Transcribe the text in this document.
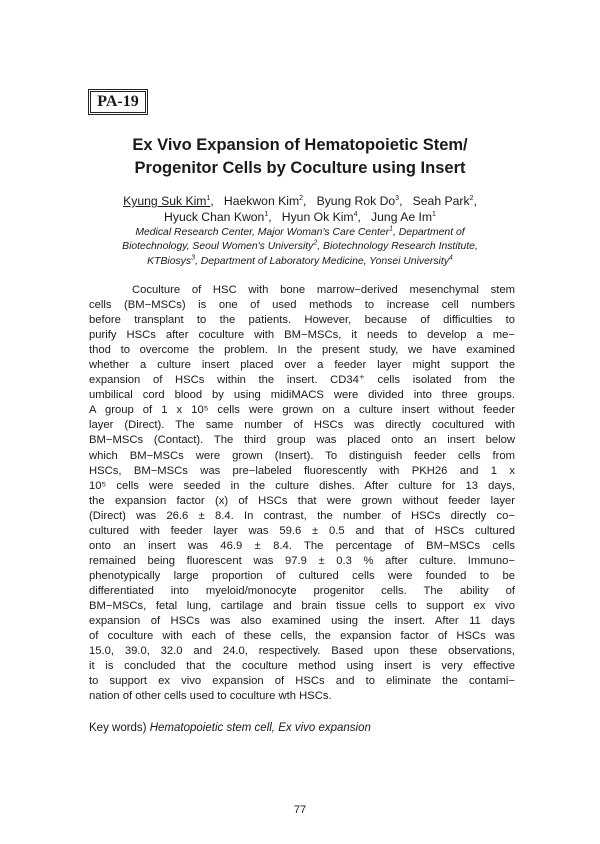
PA-19
Ex Vivo Expansion of Hematopoietic Stem/
Progenitor Cells by Coculture using Insert
Kyung Suk Kim$^1$,   Haekwon Kim$^2$,   Byung Rok Do$^3$,   Seah Park$^2$,
Hyuck Chan Kwon$^1$,   Hyun Ok Kim$^4$,   Jung Ae Im$^1$
Medical Research Center, Major Woman's Care Center$^1$, Department of
Biotechnology, Seoul Women's University$^2$, Biotechnology Research Institute,
KTBiosys$^3$, Department of Laboratory Medicine, Yonsei University$^4$
Coculture of HSC with bone marrow−derived mesenchymal stem
cells (BM−MSCs) is one of used methods to increase cell numbers
before transplant to the patients. However, because of difficulties to
purify HSCs after coculture with BM−MSCs, it needs to develop a me−
thod to overcome the problem. In the present study, we have examined
whether a culture insert placed over a feeder layer might support the
expansion of HSCs within the insert. CD34⁺ cells isolated from the
umbilical cord blood by using midiMACS were divided into three groups.
A group of 1 x 10⁵ cells were grown on a culture insert without feeder
layer (Direct). The same number of HSCs was directly cocultured with
BM−MSCs (Contact). The third group was placed onto an insert below
which BM−MSCs were grown (Insert). To distinguish feeder cells from
HSCs, BM−MSCs was pre−labeled fluorescently with PKH26 and 1 x
10⁵ cells were seeded in the culture dishes. After culture for 13 days,
the expansion factor (x) of HSCs that were grown without feeder layer
(Direct) was 26.6 ± 8.4. In contrast, the number of HSCs directly co−
cultured with feeder layer was 59.6 ± 0.5 and that of HSCs cultured
onto an insert was 46.9 ± 8.4. The percentage of BM−MSCs cells
remained being fluorescent was 97.9 ± 0.3 % after culture. Immuno−
phenotypically large proportion of cultured cells were founded to be
differentiated into myeloid/monocyte progenitor cells. The ability of
BM−MSCs, fetal lung, cartilage and brain tissue cells to support ex vivo
expansion of HSCs was also examined using the insert. After 11 days
of coculture with each of these cells, the expansion factor of HSCs was
15.0, 39.0, 32.0 and 24.0, respectively. Based upon these observations,
it is concluded that the coculture method using insert is very effective
to support ex vivo expansion of HSCs and to eliminate the contami−
nation of other cells used to coculture wth HSCs.
Key words) Hematopoietic stem cell, Ex vivo expansion
77
